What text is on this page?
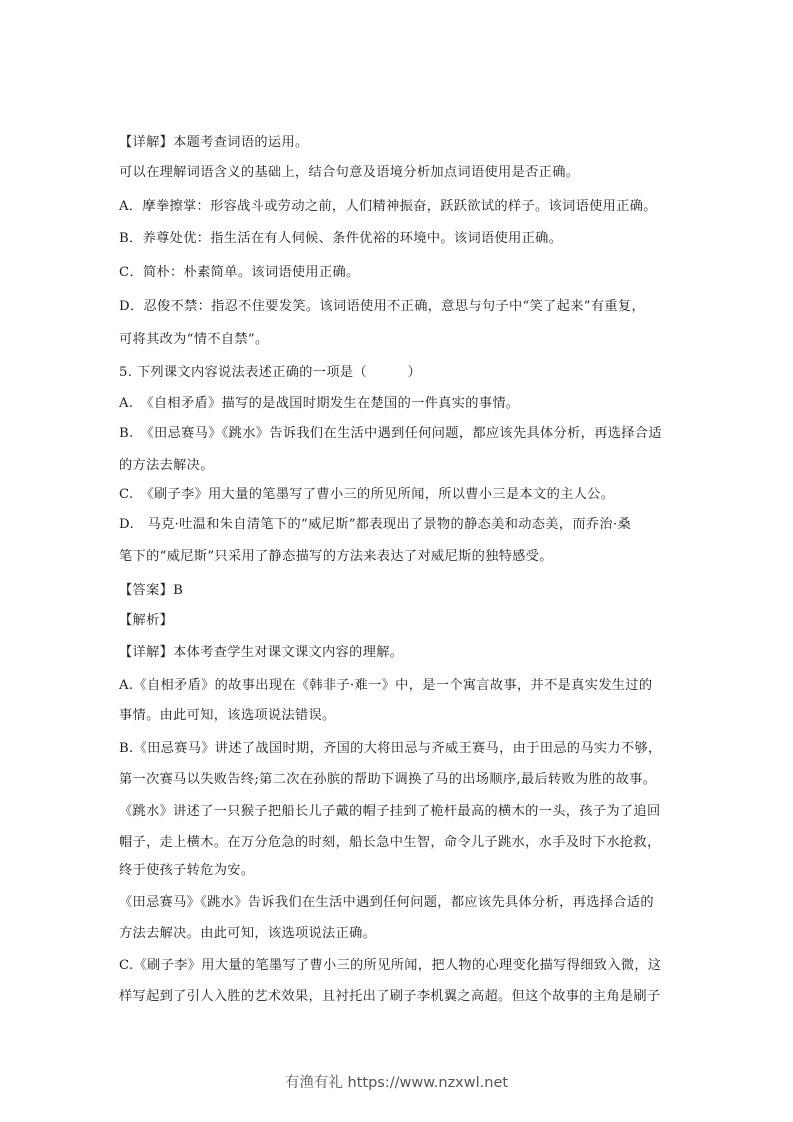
【详解】本题考查词语的运用。
可以在理解词语含义的基础上，结合句意及语境分析加点词语使用是否正确。
A．摩拳擦掌：形容战斗或劳动之前，人们精神振奋，跃跃欲试的样子。该词语使用正确。
B．养尊处优：指生活在有人伺候、条件优裕的环境中。该词语使用正确。
C．简朴：朴素简单。该词语使用正确。
D．忍俊不禁：指忍不住要发笑。该词语使用不正确，意思与句子中“笑了起来”有重复，
可将其改为“情不自禁”。
5. 下列课文内容说法表述正确的一项是（　　　）
A.　《自相矛盾》描写的是战国时期发生在楚国的一件真实的事情。
B.　《田忌赛马》《跳水》告诉我们在生活中遇到任何问题，都应该先具体分析，再选择合适
的方法去解决。
C.　《刷子李》用大量的笔墨写了曹小三的所见所闻，所以曹小三是本文的主人公。
D.　马克·吐温和朱自清笔下的“威尼斯”都表现出了景物的静态美和动态美，而乔治·桑
笔下的“威尼斯”只采用了静态描写的方法来表达了对威尼斯的独特感受。
【答案】B
【解析】
【详解】本体考查学生对课文课文内容的理解。
A.《自相矛盾》的故事出现在《韩非子·难一》中，是一个寓言故事，并不是真实发生过的
事情。由此可知，该选项说法错误。
B.《田忌赛马》讲述了战国时期，齐国的大将田忌与齐威王赛马，由于田忌的马实力不够，
第一次赛马以失败告终;第二次在孙膑的帮助下调换了马的出场顺序,最后转败为胜的故事。
《跳水》讲述了一只猴子把船长儿子戴的帽子挂到了桅杆最高的横木的一头，孩子为了追回
帽子，走上横木。在万分危急的时刻，船长急中生智，命令儿子跳水，水手及时下水抢救，
终于使孩子转危为安。
《田忌赛马》《跳水》告诉我们在生活中遇到任何问题，都应该先具体分析，再选择合适的
方法去解决。由此可知，该选项说法正确。
C.《刷子李》用大量的笔墨写了曹小三的所见所闻，把人物的心理变化描写得细致入微，这
样写起到了引人入胜的艺术效果，且衬托出了刷子李机翼之高超。但这个故事的主角是刷子
有渔有礼 https://www.nzxwl.net
